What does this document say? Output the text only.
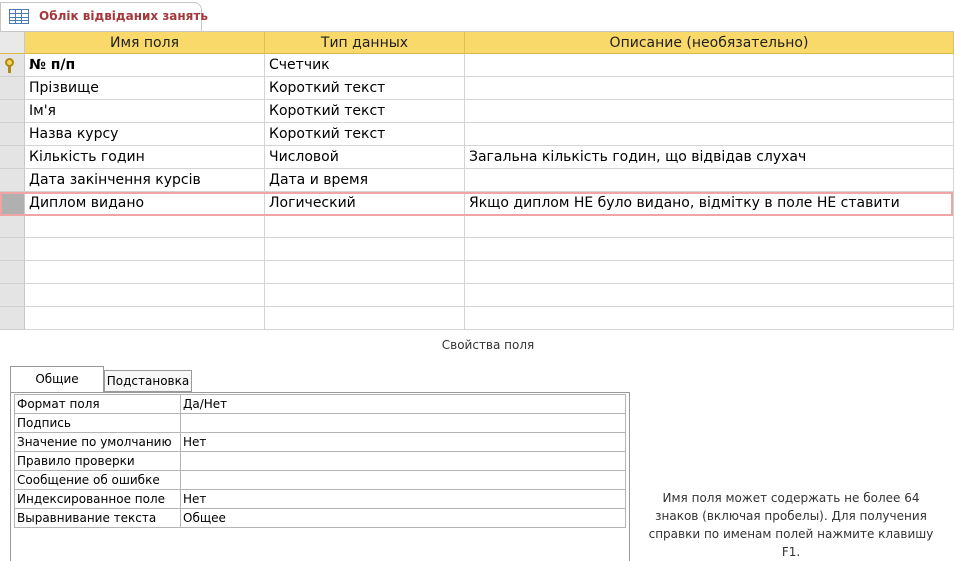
Облік відвіданих занять
Имя поля	Тип данных	Описание (необязательно)
№ п/п	Счетчик
Прізвище	Короткий текст
Ім'я	Короткий текст
Назва курсу	Короткий текст
Кількість годин	Числовой	Загальна кількість годин, що відвідав слухач
Дата закінчення курсів	Дата и время
Диплом видано	Логический	Якщо диплом НЕ було видано, відмітку в поле НЕ ставити
Свойства поля
Общие	Подстановка
Формат поля	Да/Нет
Подпись	
Значение по умолчанию	Нет
Правило проверки	
Сообщение об ошибке	
Индексированное поле	Нет
Выравнивание текста	Общее
Имя поля может содержать не более 64 знаков (включая пробелы). Для получения справки по именам полей нажмите клавишу F1.
